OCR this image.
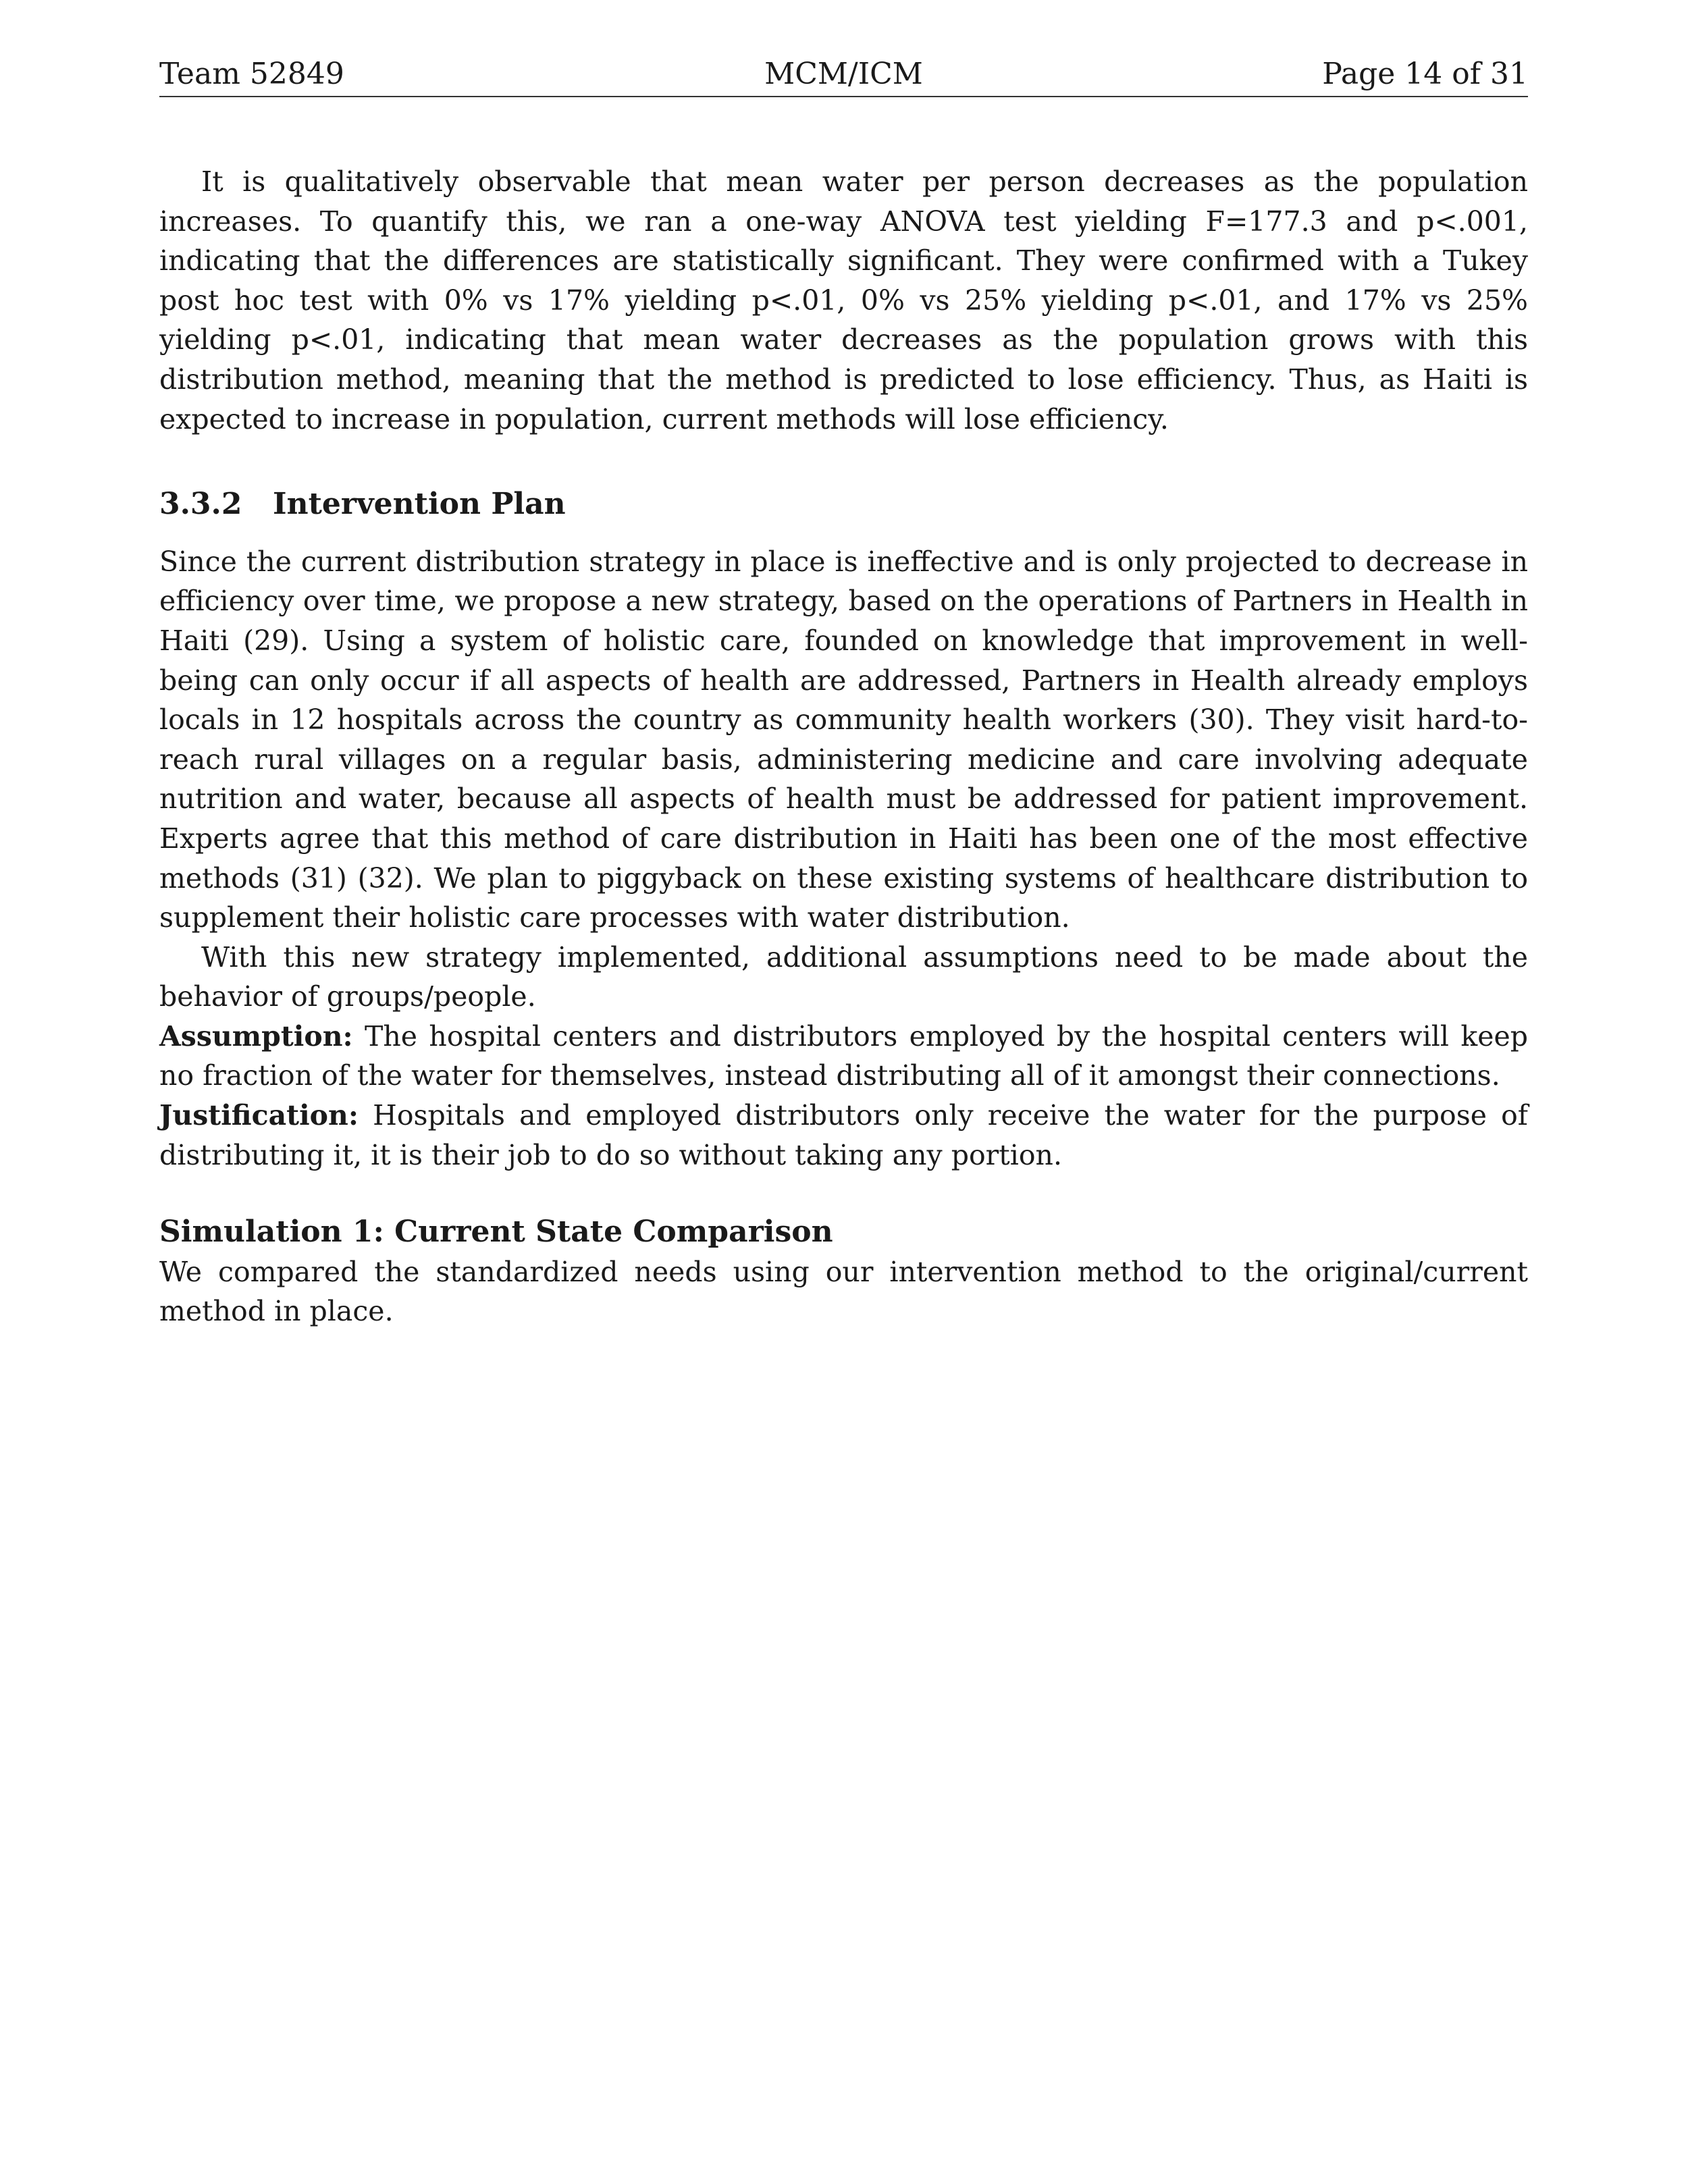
Team 52849	MCM/ICM	Page 14 of 31

It is qualitatively observable that mean water per person decreases as the population increases. To quantify this, we ran a one-way ANOVA test yielding F=177.3 and p<.001, indicating that the differences are statistically significant. They were confirmed with a Tukey post hoc test with 0% vs 17% yielding p<.01, 0% vs 25% yielding p<.01, and 17% vs 25% yielding p<.01, indicating that mean water decreases as the population grows with this distribution method, meaning that the method is predicted to lose efficiency. Thus, as Haiti is expected to increase in population, current methods will lose efficiency.

3.3.2 Intervention Plan

Since the current distribution strategy in place is ineffective and is only projected to decrease in efficiency over time, we propose a new strategy, based on the operations of Partners in Health in Haiti (29). Using a system of holistic care, founded on knowledge that improvement in well-being can only occur if all aspects of health are addressed, Partners in Health already employs locals in 12 hospitals across the country as community health workers (30). They visit hard-to-reach rural villages on a regular basis, administering medicine and care involving adequate nutrition and water, because all aspects of health must be addressed for patient improvement. Experts agree that this method of care distribution in Haiti has been one of the most effective methods (31) (32). We plan to piggyback on these existing systems of healthcare distribution to supplement their holistic care processes with water distribution.

With this new strategy implemented, additional assumptions need to be made about the behavior of groups/people.

Assumption: The hospital centers and distributors employed by the hospital centers will keep no fraction of the water for themselves, instead distributing all of it amongst their connections.

Justification: Hospitals and employed distributors only receive the water for the purpose of distributing it, it is their job to do so without taking any portion.

Simulation 1: Current State Comparison

We compared the standardized needs using our intervention method to the original/current method in place.
